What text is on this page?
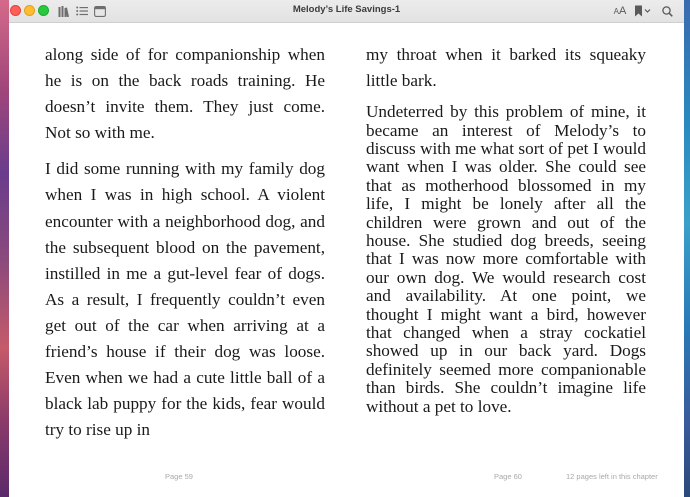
Melody’s Life Savings-1	A A

along side of for companionship when he is on the back roads training. He doesn’t invite them. They just come. Not so with me.

I did some running with my family dog when I was in high school. A violent encounter with a neighborhood dog, and the subsequent blood on the pavement, instilled in me a gut-level fear of dogs. As a result, I frequently couldn’t even get out of the car when arriving at a friend’s house if their dog was loose. Even when we had a cute little ball of a black lab puppy for the kids, fear would try to rise up in

my throat when it barked its squeaky little bark.

Undeterred by this problem of mine, it became an interest of Melody’s to discuss with me what sort of pet I would want when I was older. She could see that as motherhood blossomed in my life, I might be lonely after all the children were grown and out of the house. She studied dog breeds, seeing that I was now more comfortable with our own dog. We would research cost and availability. At one point, we thought I might want a bird, however that changed when a stray cockatiel showed up in our back yard. Dogs definitely seemed more companionable than birds. She couldn’t imagine life without a pet to love.

Page 59	Page 60	12 pages left in this chapter
